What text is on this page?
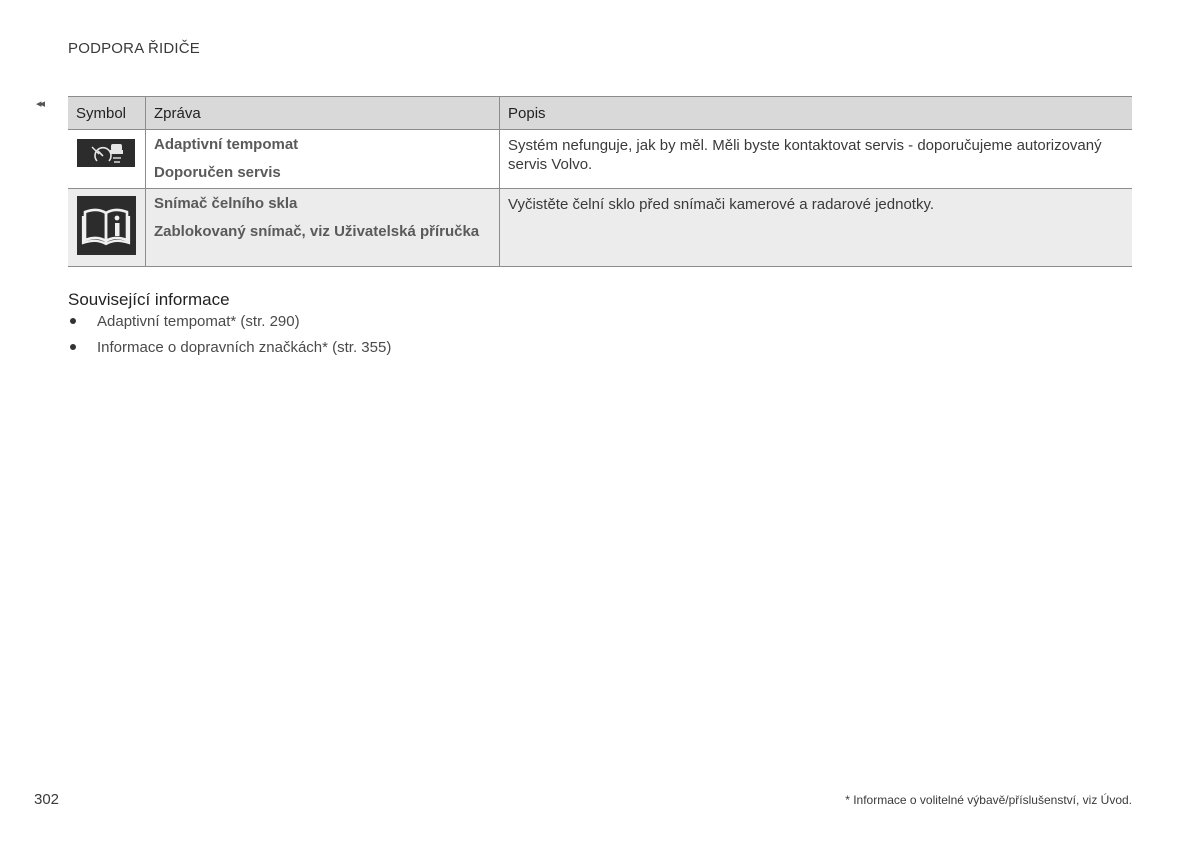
PODPORA ŘIDIČE
◂◂
Symbol	Zpráva	Popis

Adaptivní tempomat
Doporučen servis	Systém nefunguje, jak by měl. Měli byste kontaktovat servis - doporučujeme autorizovaný servis Volvo.

Snímač čelního skla
Zablokovaný snímač, viz Uživatelská příručka	Vyčistěte čelní sklo před snímači kamerové a radarové jednotky.
Související informace
Adaptivní tempomat* (str. 290)
Informace o dopravních značkách* (str. 355)
302	* Informace o volitelné výbavě/příslušenství, viz Úvod.
